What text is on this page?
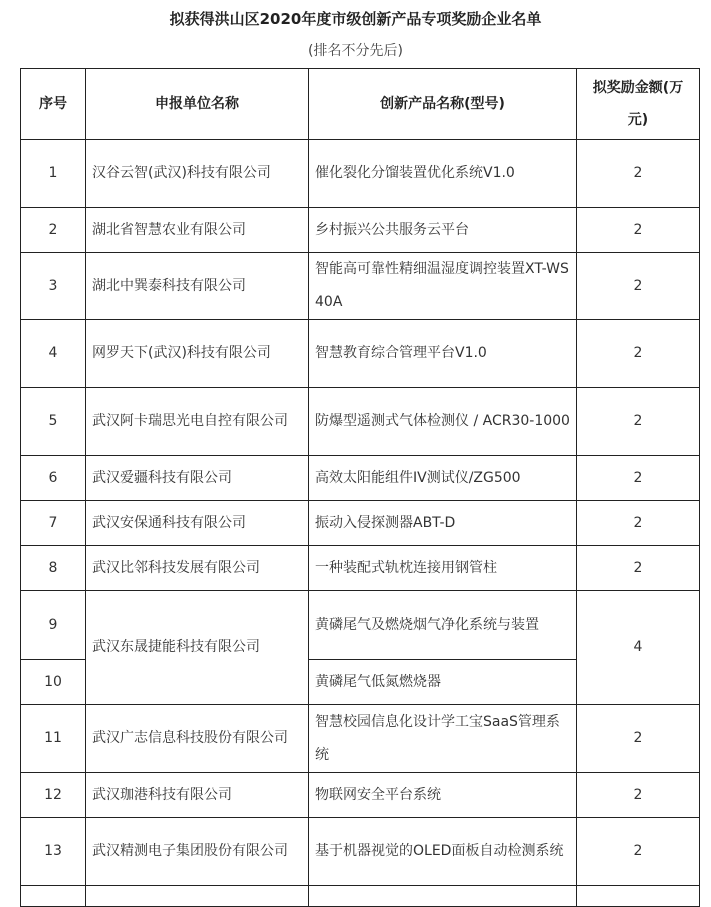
拟获得洪山区2020年度市级创新产品专项奖励企业名单
(排名不分先后)
序号	申报单位名称	创新产品名称(型号)	拟奖励金额(万元)
1	汉谷云智(武汉)科技有限公司	催化裂化分馏装置优化系统V1.0	2
2	湖北省智慧农业有限公司	乡村振兴公共服务云平台	2
3	湖北中巽泰科技有限公司	智能高可靠性精细温湿度调控装置XT-WS40A	2
4	网罗天下(武汉)科技有限公司	智慧教育综合管理平台V1.0	2
5	武汉阿卡瑞思光电自控有限公司	防爆型遥测式气体检测仪 / ACR30-1000	2
6	武汉爱疆科技有限公司	高效太阳能组件IV测试仪/ZG500	2
7	武汉安保通科技有限公司	振动入侵探测器ABT-D	2
8	武汉比邻科技发展有限公司	一种装配式轨枕连接用钢管柱	2
9	武汉东晟捷能科技有限公司	黄磷尾气及燃烧烟气净化系统与装置	4
10		黄磷尾气低氮燃烧器	
11	武汉广志信息科技股份有限公司	智慧校园信息化设计学工宝SaaS管理系统	2
12	武汉珈港科技有限公司	物联网安全平台系统	2
13	武汉精测电子集团股份有限公司	基于机器视觉的OLED面板自动检测系统	2
